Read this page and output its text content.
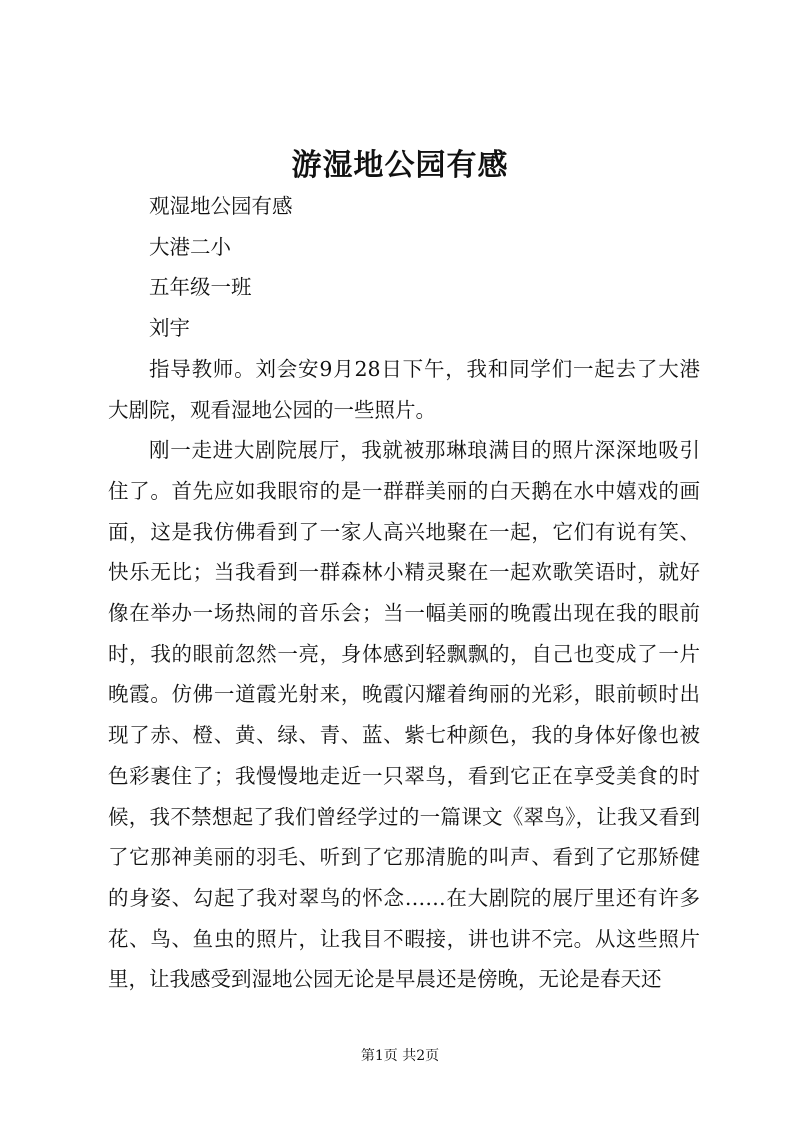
游湿地公园有感

观湿地公园有感

大港二小

五年级一班

刘宇

指导教师。刘会安9月28日下午，我和同学们一起去了大港大剧院，观看湿地公园的一些照片。

刚一走进大剧院展厅，我就被那琳琅满目的照片深深地吸引住了。首先应如我眼帘的是一群群美丽的白天鹅在水中嬉戏的画面，这是我仿佛看到了一家人高兴地聚在一起，它们有说有笑、快乐无比；当我看到一群森林小精灵聚在一起欢歌笑语时，就好像在举办一场热闹的音乐会；当一幅美丽的晚霞出现在我的眼前时，我的眼前忽然一亮，身体感到轻飘飘的，自己也变成了一片晚霞。仿佛一道霞光射来，晚霞闪耀着绚丽的光彩，眼前顿时出现了赤、橙、黄、绿、青、蓝、紫七种颜色，我的身体好像也被色彩裹住了；我慢慢地走近一只翠鸟，看到它正在享受美食的时候，我不禁想起了我们曾经学过的一篇课文《翠鸟》，让我又看到了它那神美丽的羽毛、听到了它那清脆的叫声、看到了它那矫健的身姿、勾起了我对翠鸟的怀念……在大剧院的展厅里还有许多花、鸟、鱼虫的照片，让我目不暇接，讲也讲不完。从这些照片里，让我感受到湿地公园无论是早晨还是傍晚，无论是春天还

第1页 共2页
